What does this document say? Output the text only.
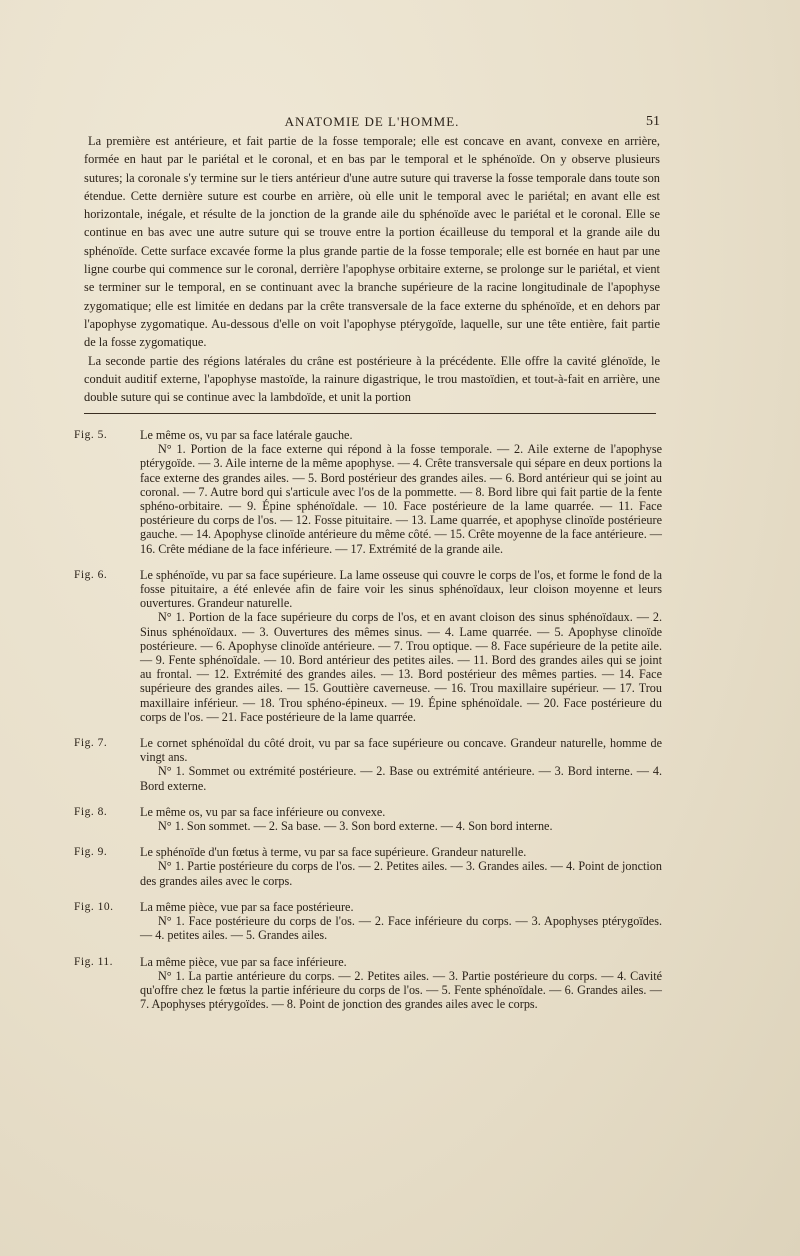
ANATOMIE DE L'HOMME.	51

La première est antérieure, et fait partie de la fosse temporale; elle est concave en avant, convexe en arrière, formée en haut par le pariétal et le coronal, et en bas par le temporal et le sphénoïde. On y observe plusieurs sutures; la coronale s'y termine sur le tiers antérieur d'une autre suture qui traverse la fosse temporale dans toute son étendue. Cette dernière suture est courbe en arrière, où elle unit le temporal avec le pariétal; en avant elle est horizontale, inégale, et résulte de la jonction de la grande aile du sphénoïde avec le pariétal et le coronal. Elle se continue en bas avec une autre suture qui se trouve entre la portion écailleuse du temporal et la grande aile du sphénoïde. Cette surface excavée forme la plus grande partie de la fosse temporale; elle est bornée en haut par une ligne courbe qui commence sur le coronal, derrière l'apophyse orbitaire externe, se prolonge sur le pariétal, et vient se terminer sur le temporal, en se continuant avec la branche supérieure de la racine longitudinale de l'apophyse zygomatique; elle est limitée en dedans par la crête transversale de la face externe du sphénoïde, et en dehors par l'apophyse zygomatique. Au-dessous d'elle on voit l'apophyse ptérygoïde, laquelle, sur une tête entière, fait partie de la fosse zygomatique.

La seconde partie des régions latérales du crâne est postérieure à la précédente. Elle offre la cavité glénoïde, le conduit auditif externe, l'apophyse mastoïde, la rainure digastrique, le trou mastoïdien, et tout-à-fait en arrière, une double suture qui se continue avec la lambdoïde, et unit la portion

Fig. 5.	Le même os, vu par sa face latérale gauche.

N° 1. Portion de la face externe qui répond à la fosse temporale. — 2. Aile externe de l'apophyse ptérygoïde. — 3. Aile interne de la même apophyse. — 4. Crête transversale qui sépare en deux portions la face externe des grandes ailes. — 5. Bord postérieur des grandes ailes. — 6. Bord antérieur qui se joint au coronal. — 7. Autre bord qui s'articule avec l'os de la pommette. — 8. Bord libre qui fait partie de la fente sphéno-orbitaire. — 9. Épine sphénoïdale. — 10. Face postérieure de la lame quarrée. — 11. Face postérieure du corps de l'os. — 12. Fosse pituitaire. — 13. Lame quarrée, et apophyse clinoïde postérieure gauche. — 14. Apophyse clinoïde antérieure du même côté. — 15. Crête moyenne de la face antérieure. — 16. Crête médiane de la face inférieure. — 17. Extrémité de la grande aile.

Fig. 6.	Le sphénoïde, vu par sa face supérieure. La lame osseuse qui couvre le corps de l'os, et forme le fond de la fosse pituitaire, a été enlevée afin de faire voir les sinus sphénoïdaux, leur cloison moyenne et leurs ouvertures. Grandeur naturelle.

N° 1. Portion de la face supérieure du corps de l'os, et en avant cloison des sinus sphénoïdaux. — 2. Sinus sphénoïdaux. — 3. Ouvertures des mêmes sinus. — 4. Lame quarrée. — 5. Apophyse clinoïde postérieure. — 6. Apophyse clinoïde antérieure. — 7. Trou optique. — 8. Face supérieure de la petite aile. — 9. Fente sphénoïdale. — 10. Bord antérieur des petites ailes. — 11. Bord des grandes ailes qui se joint au frontal. — 12. Extrémité des grandes ailes. — 13. Bord postérieur des mêmes parties. — 14. Face supérieure des grandes ailes. — 15. Gouttière caverneuse. — 16. Trou maxillaire supérieur. — 17. Trou maxillaire inférieur. — 18. Trou sphéno-épineux. — 19. Épine sphénoïdale. — 20. Face postérieure du corps de l'os. — 21. Face postérieure de la lame quarrée.

Fig. 7.	Le cornet sphénoïdal du côté droit, vu par sa face supérieure ou concave. Grandeur naturelle, homme de vingt ans.

N° 1. Sommet ou extrémité postérieure. — 2. Base ou extrémité antérieure. — 3. Bord interne. — 4. Bord externe.

Fig. 8.	Le même os, vu par sa face inférieure ou convexe.

N° 1. Son sommet. — 2. Sa base. — 3. Son bord externe. — 4. Son bord interne.

Fig. 9.	Le sphénoïde d'un fœtus à terme, vu par sa face supérieure. Grandeur naturelle.

N° 1. Partie postérieure du corps de l'os. — 2. Petites ailes. — 3. Grandes ailes. — 4. Point de jonction des grandes ailes avec le corps.

Fig. 10.	La même pièce, vue par sa face postérieure.

N° 1. Face postérieure du corps de l'os. — 2. Face inférieure du corps. — 3. Apophyses ptérygoïdes. — 4. petites ailes. — 5. Grandes ailes.

Fig. 11.	La même pièce, vue par sa face inférieure.

N° 1. La partie antérieure du corps. — 2. Petites ailes. — 3. Partie postérieure du corps. — 4. Cavité qu'offre chez le fœtus la partie inférieure du corps de l'os. — 5. Fente sphénoïdale. — 6. Grandes ailes. — 7. Apophyses ptérygoïdes. — 8. Point de jonction des grandes ailes avec le corps.
